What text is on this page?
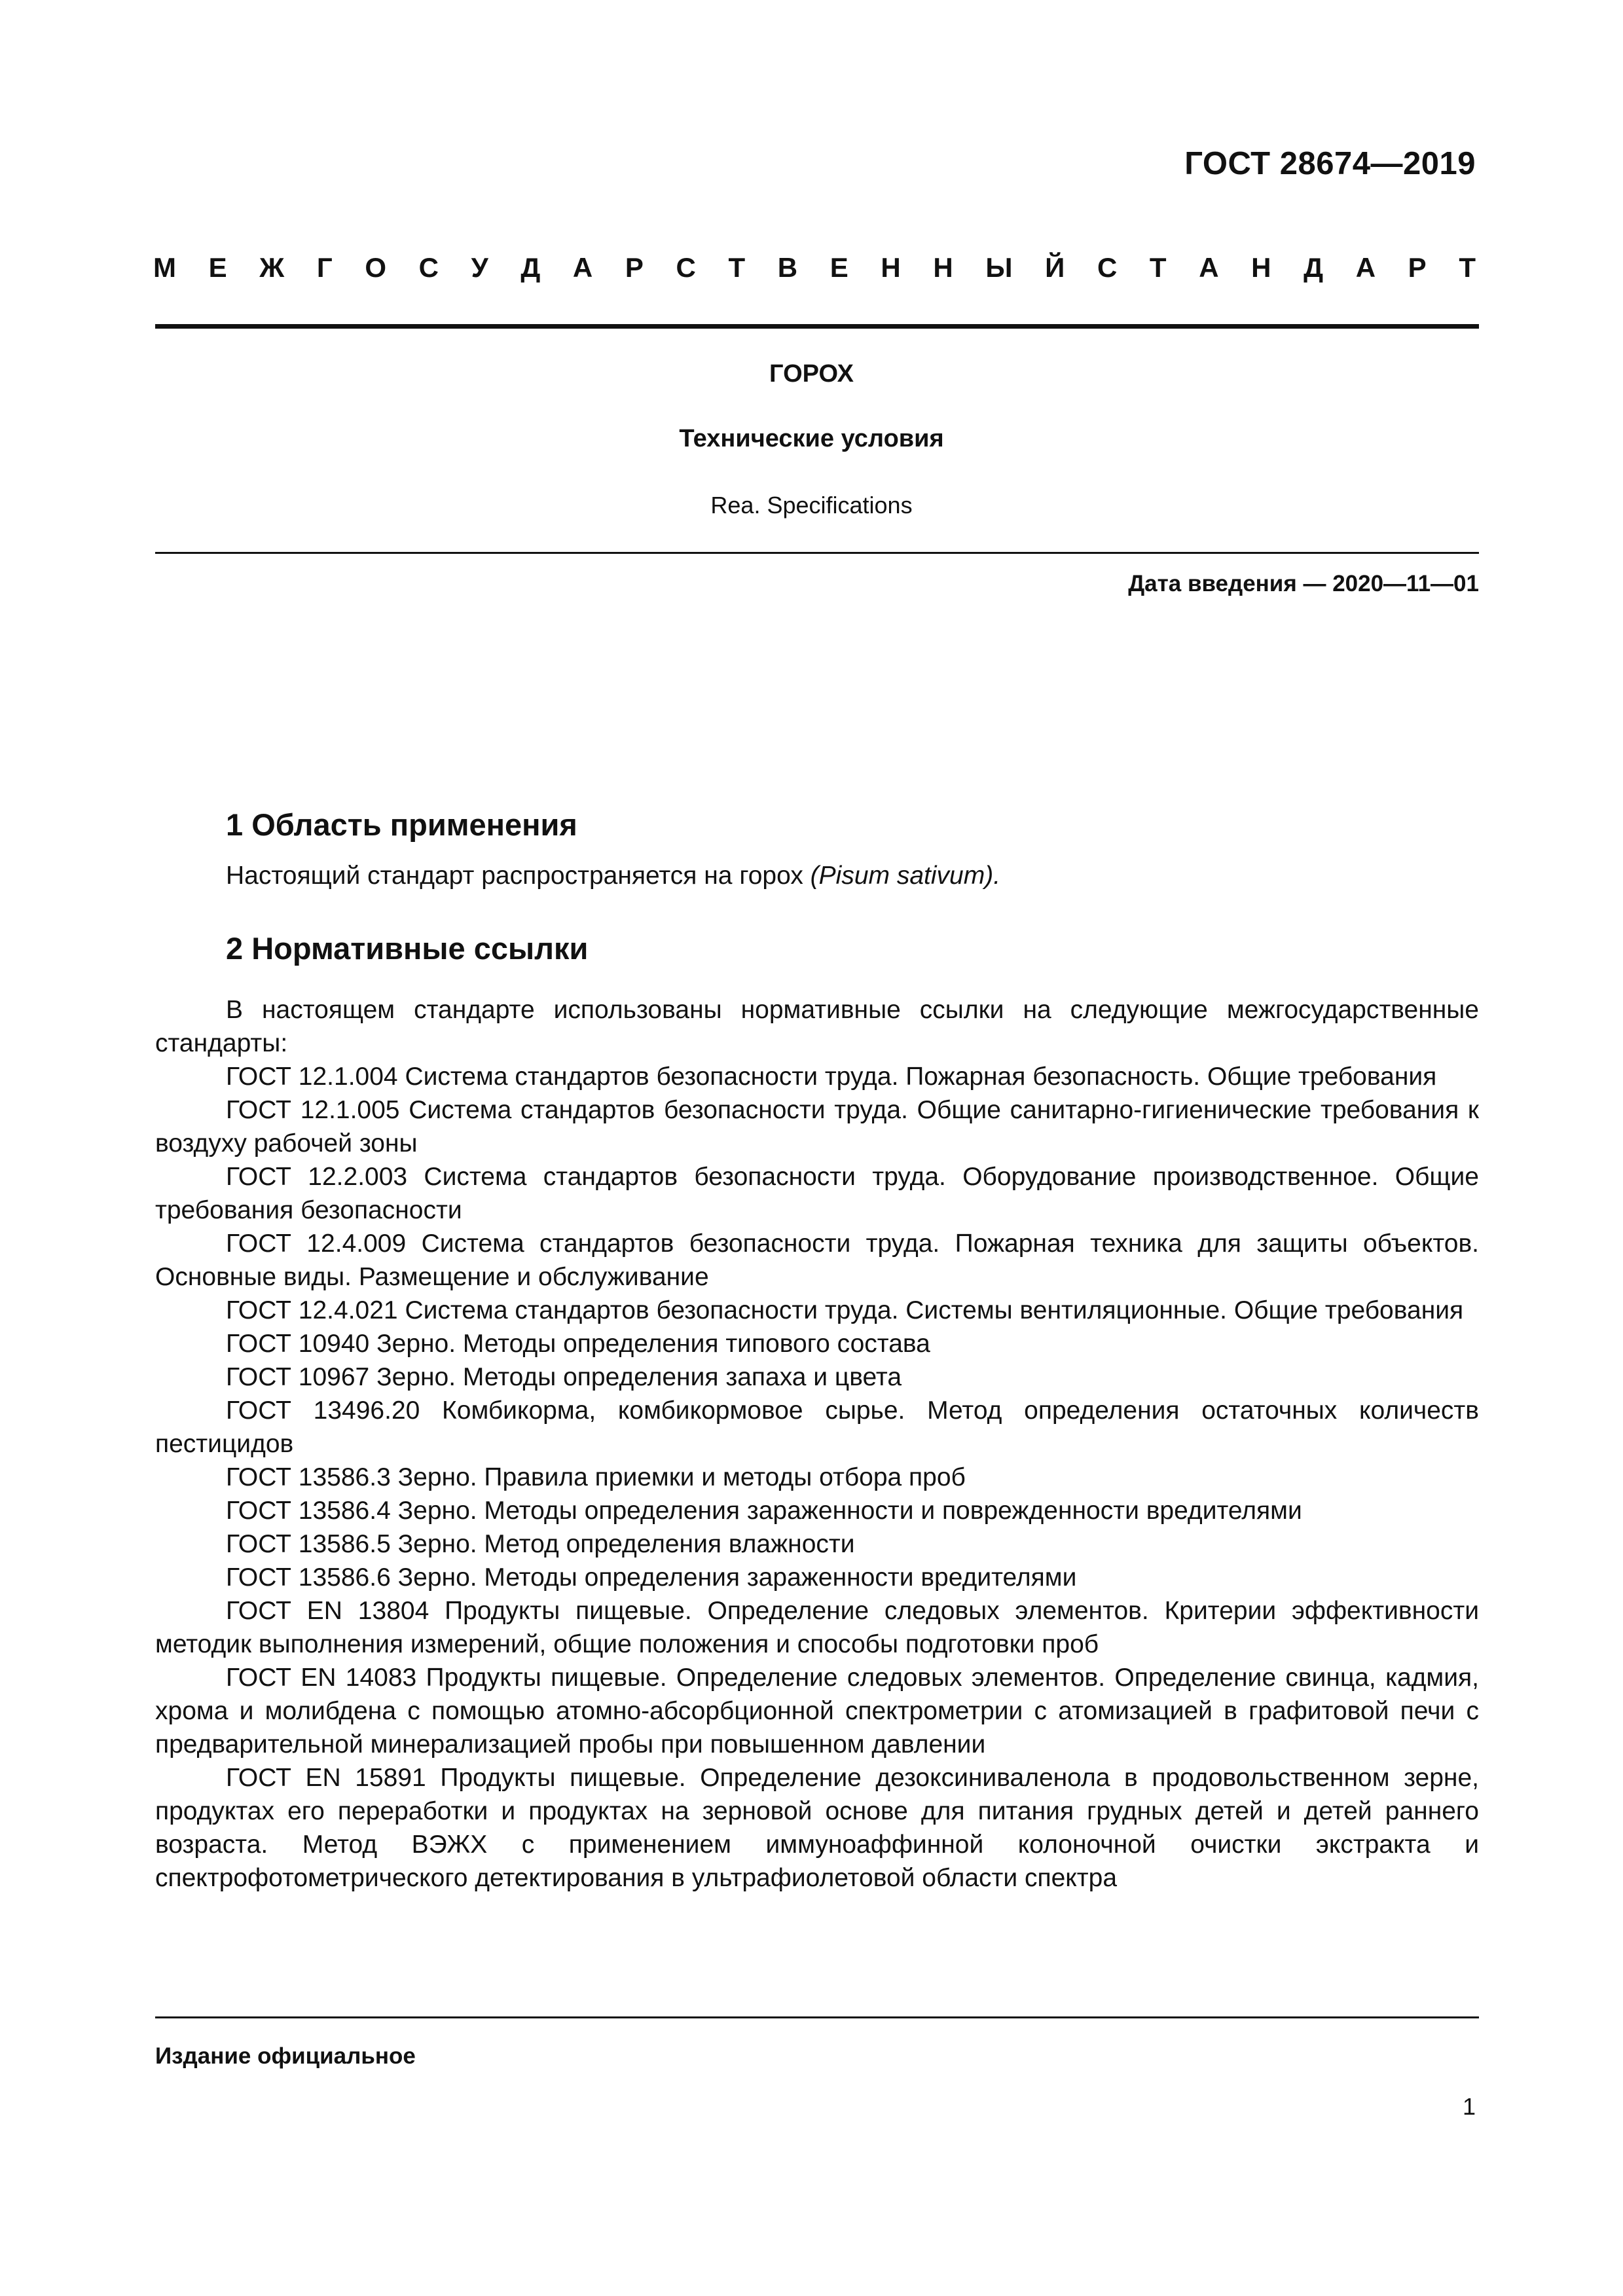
ГОСТ 28674—2019
М Е Ж Г О С У Д А Р С Т В Е Н Н Ы Й С Т А Н Д А Р Т
ГОРОХ
Технические условия
Rea. Specifications
Дата введения — 2020—11—01
1 Область применения

Настоящий стандарт распространяется на горох (Pisum sativum).

2 Нормативные ссылки

В настоящем стандарте использованы нормативные ссылки на следующие межгосударственные стандарты:

ГОСТ 12.1.004 Система стандартов безопасности труда. Пожарная безопасность. Общие требования

ГОСТ 12.1.005 Система стандартов безопасности труда. Общие санитарно-гигиенические требования к воздуху рабочей зоны

ГОСТ 12.2.003 Система стандартов безопасности труда. Оборудование производственное. Общие требования безопасности

ГОСТ 12.4.009 Система стандартов безопасности труда. Пожарная техника для защиты объектов. Основные виды. Размещение и обслуживание

ГОСТ 12.4.021 Система стандартов безопасности труда. Системы вентиляционные. Общие требования

ГОСТ 10940 Зерно. Методы определения типового состава

ГОСТ 10967 Зерно. Методы определения запаха и цвета

ГОСТ 13496.20 Комбикорма, комбикормовое сырье. Метод определения остаточных количеств пестицидов

ГОСТ 13586.3 Зерно. Правила приемки и методы отбора проб

ГОСТ 13586.4 Зерно. Методы определения зараженности и поврежденности вредителями

ГОСТ 13586.5 Зерно. Метод определения влажности

ГОСТ 13586.6 Зерно. Методы определения зараженности вредителями

ГОСТ EN 13804 Продукты пищевые. Определение следовых элементов. Критерии эффективности методик выполнения измерений, общие положения и способы подготовки проб

ГОСТ EN 14083 Продукты пищевые. Определение следовых элементов. Определение свинца, кадмия, хрома и молибдена с помощью атомно-абсорбционной спектрометрии с атомизацией в графитовой печи с предварительной минерализацией пробы при повышенном давлении

ГОСТ EN 15891 Продукты пищевые. Определение дезоксиниваленола в продовольственном зерне, продуктах его переработки и продуктах на зерновой основе для питания грудных детей и детей раннего возраста. Метод ВЭЖХ с применением иммуноаффинной колоночной очистки экстракта и спектрофотометрического детектирования в ультрафиолетовой области спектра

Издание официальное
1
